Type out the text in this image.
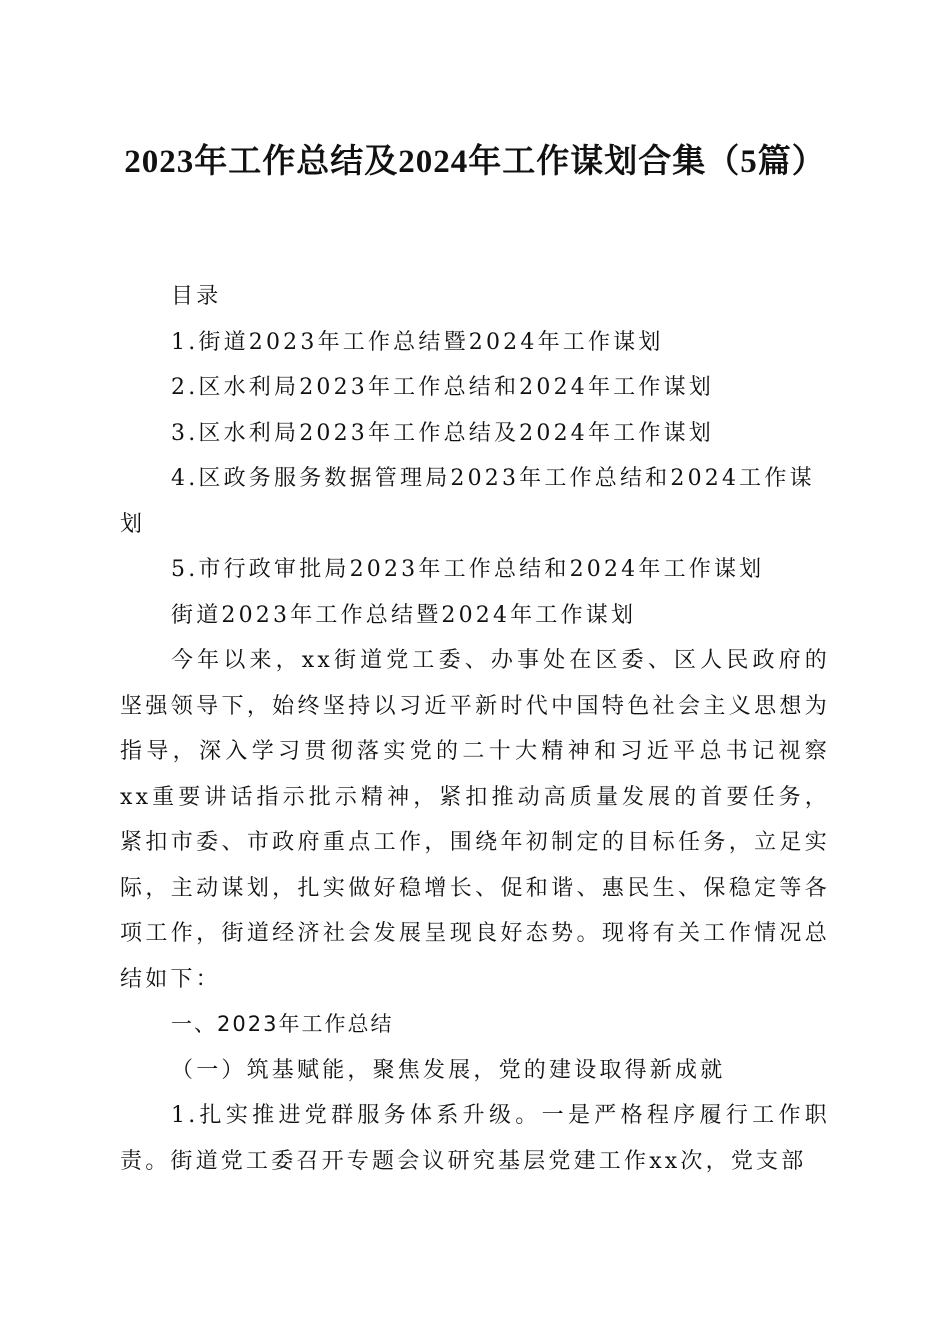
2023年工作总结及2024年工作谋划合集（5篇）

目录

1.街道2023年工作总结暨2024年工作谋划

2.区水利局2023年工作总结和2024年工作谋划

3.区水利局2023年工作总结及2024年工作谋划

4.区政务服务数据管理局2023年工作总结和2024工作谋划

5.市行政审批局2023年工作总结和2024年工作谋划

街道2023年工作总结暨2024年工作谋划

今年以来，xx街道党工委、办事处在区委、区人民政府的坚强领导下，始终坚持以习近平新时代中国特色社会主义思想为指导，深入学习贯彻落实党的二十大精神和习近平总书记视察xx重要讲话指示批示精神，紧扣推动高质量发展的首要任务，紧扣市委、市政府重点工作，围绕年初制定的目标任务，立足实际，主动谋划，扎实做好稳增长、促和谐、惠民生、保稳定等各项工作，街道经济社会发展呈现良好态势。现将有关工作情况总结如下：

一、2023年工作总结

（一）筑基赋能，聚焦发展，党的建设取得新成就

1.扎实推进党群服务体系升级。一是严格程序履行工作职责。街道党工委召开专题会议研究基层党建工作xx次，党支部
